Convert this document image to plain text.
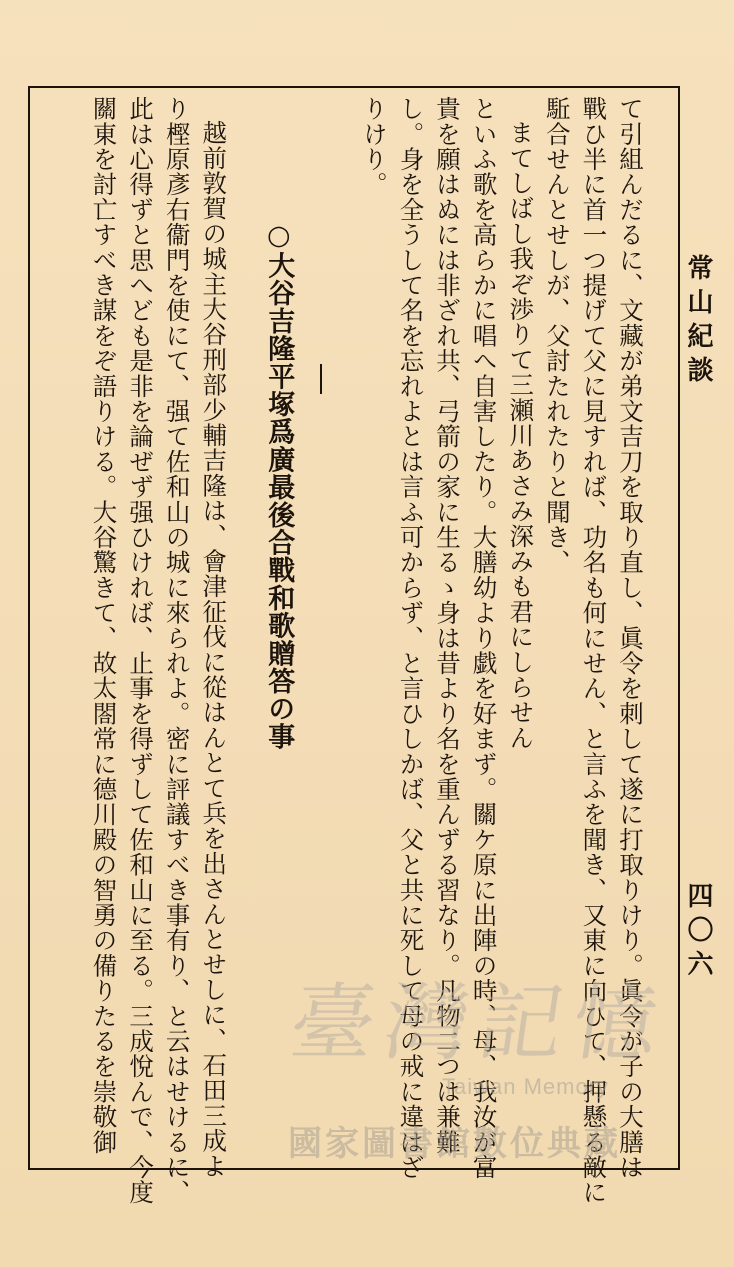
常山紀談
四〇六
て引組んだるに、文藏が弟文吉刀を取り直し、眞令を刺して遂に打取りけり。眞令が子の大膳は
戰ひ半に首一つ提げて父に見すれば、功名も何にせん、と言ふを聞き、又東に向ひて、押懸る敵に
駈合せんとせしが、父討たれたりと聞き、
まてしばし我ぞ渉りて三瀬川あさみ深みも君にしらせん
といふ歌を高らかに唱へ自害したり。大膳幼より戯を好まず。關ケ原に出陣の時、母、我汝が富
貴を願はぬには非ざれ共、弓箭の家に生るゝ身は昔より名を重んずる習なり。凡物二つは兼難
し。身を全うして名を忘れよとは言ふ可からず、と言ひしかば、父と共に死して母の戒に違はざ
りけり。
○大谷吉隆平塚爲廣最後合戰和歌贈答の事
越前敦賀の城主大谷刑部少輔吉隆は、會津征伐に從はんとて兵を出さんとせしに、石田三成よ
り樫原彥右衞門を使にて、强て佐和山の城に來られよ。密に評議すべき事有り、と云はせけるに、
此は心得ずと思へども是非を論ぜず强ひければ、止事を得ずして佐和山に至る。三成悅んで、今度
關東を討亡すべき謀をぞ語りける。大谷驚きて、故太閤常に德川殿の智勇の備りたるを崇敬御 臺灣記憶
Taiwan Memory
國家圖書館數位典藏
